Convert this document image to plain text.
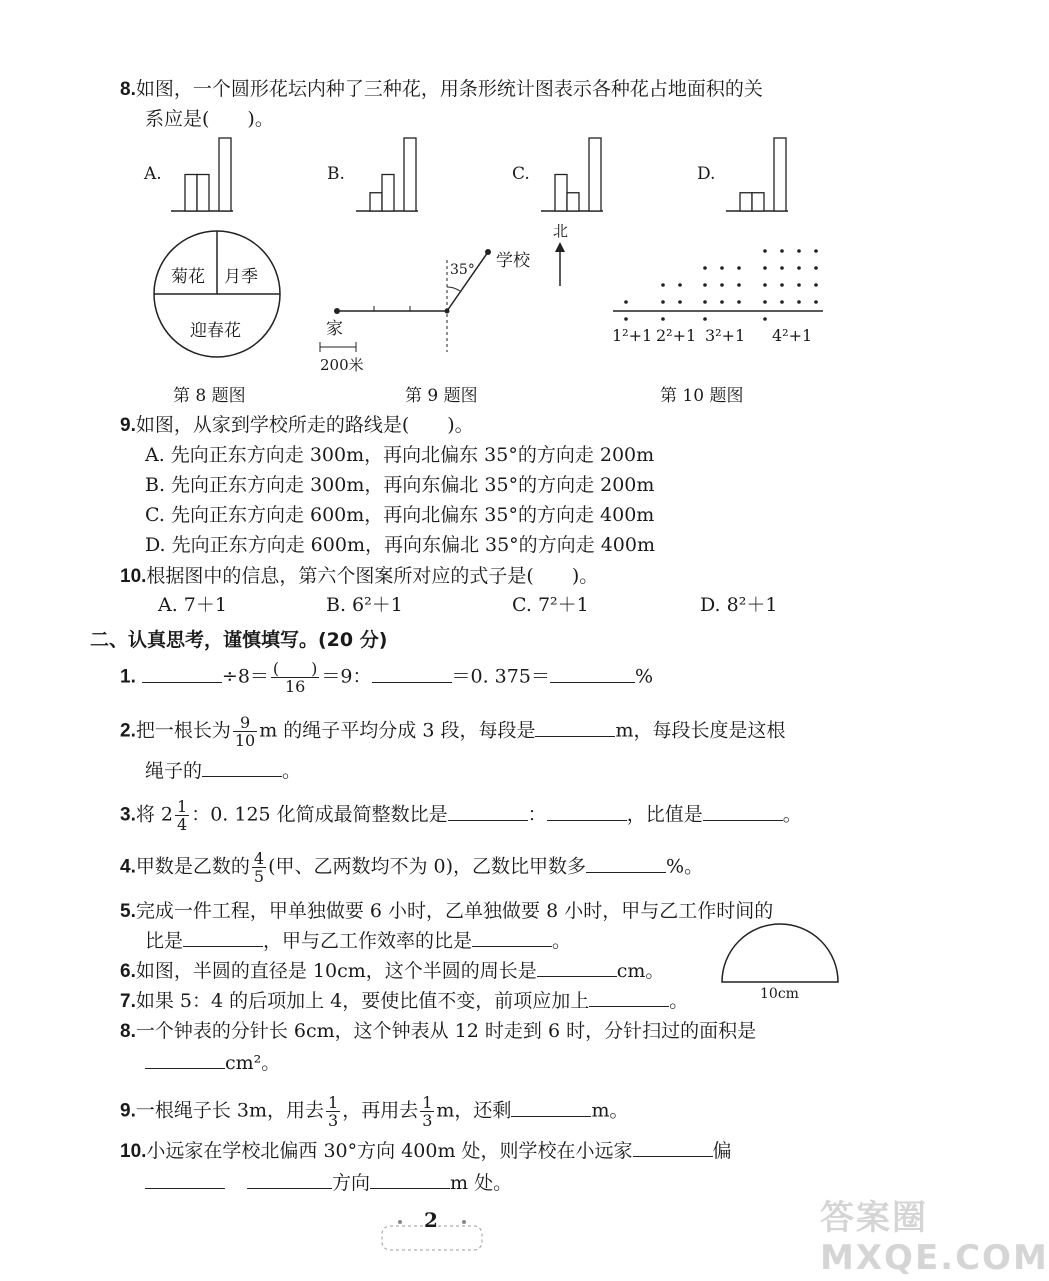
8.如图，一个圆形花坛内种了三种花，用条形统计图表示各种花占地面积的关
系应是(　　)。
A.	B.	C.	D.
菊花 月季
迎春花
第 8 题图
35° 学校
家
200米
第 9 题图
北
1²+1 2²+1 3²+1 4²+1
第 10 题图
9.如图，从家到学校所走的路线是(　　)。
A. 先向正东方向走 300m，再向北偏东 35°的方向走 200m
B. 先向正东方向走 300m，再向东偏北 35°的方向走 200m
C. 先向正东方向走 600m，再向北偏东 35°的方向走 400m
D. 先向正东方向走 600m，再向东偏北 35°的方向走 400m
10.根据图中的信息，第六个图案所对应的式子是(　　)。
A. 7＋1	B. 6²＋1	C. 7²＋1	D. 8²＋1
二、认真思考，谨慎填写。(20 分)
1.	$\div 8= \frac{( )}{16} =9$：	＝0. 375＝	%
2.把一根长为 $\frac{9}{10}$ m 的绳子平均分成 3 段，每段是	m，每段长度是这根
绳子的	。
3.将 $2 \frac{1}{4}$ ：0. 125 化简成最简整数比是	：	，比值是	。
4.甲数是乙数的 $\frac{4}{5}$ (甲、乙两数均不为 0)，乙数比甲数多	%。
5.完成一件工程，甲单独做要 6 小时，乙单独做要 8 小时，甲与乙工作时间的
比是	，甲与乙工作效率的比是	。
6.如图，半圆的直径是 10cm，这个半圆的周长是	cm。
10cm
7.如果 5：4 的后项加上 4，要使比值不变，前项应加上	。
8.一个钟表的分针长 6cm，这个钟表从 12 时走到 6 时，分针扫过的面积是
cm²。
9.一根绳子长 3m，用去 $\frac{1}{3}$ ，再用去 $\frac{1}{3}$ m，还剩	m。
10.小远家在学校北偏西 30°方向 400m 处，则学校在小远家	偏
方向	m 处。
2	答案圈 MXQE.COM
